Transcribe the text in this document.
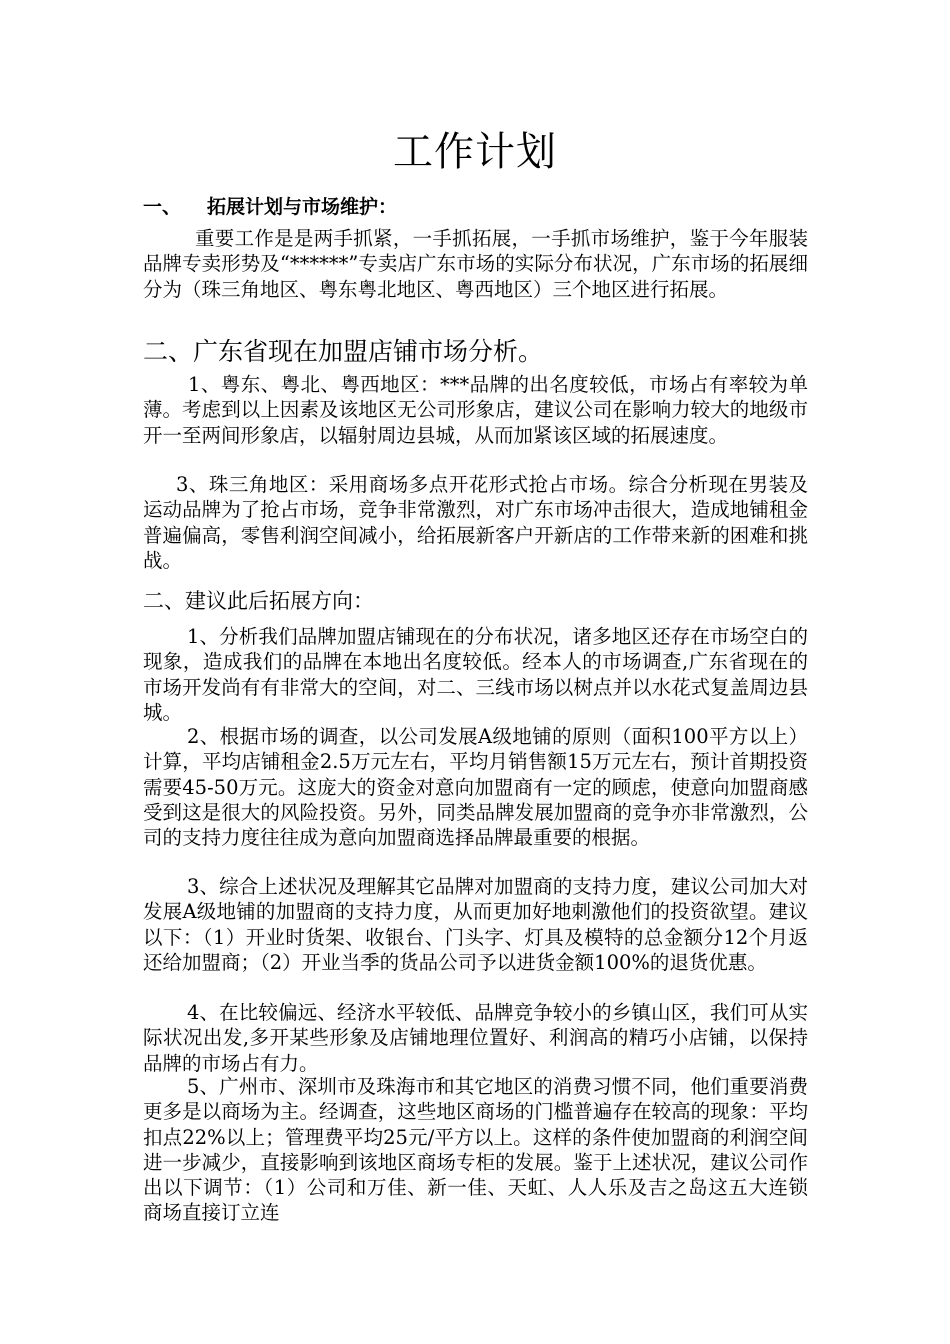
工作计划
一、 拓展计划与市场维护：

重要工作是是两手抓紧，一手抓拓展，一手抓市场维护，鉴于今年服装品牌专卖形势及“******”专卖店广东市场的实际分布状况，广东市场的拓展细分为（珠三角地区、粤东粤北地区、粤西地区）三个地区进行拓展。

二、广东省现在加盟店铺市场分析。

1、粤东、粤北、粤西地区：***品牌的出名度较低，市场占有率较为单薄。考虑到以上因素及该地区无公司形象店，建议公司在影响力较大的地级市开一至两间形象店，以辐射周边县城，从而加紧该区域的拓展速度。

3、珠三角地区：采用商场多点开花形式抢占市场。综合分析现在男装及运动品牌为了抢占市场，竞争非常激烈，对广东市场冲击很大，造成地铺租金普遍偏高，零售利润空间减小，给拓展新客户开新店的工作带来新的困难和挑战。

二、建议此后拓展方向：

1、分析我们品牌加盟店铺现在的分布状况，诸多地区还存在市场空白的现象，造成我们的品牌在本地出名度较低。经本人的市场调查,广东省现在的市场开发尚有有非常大的空间，对二、三线市场以树点并以水花式复盖周边县城。

2、根据市场的调查，以公司发展A级地铺的原则（面积100平方以上）计算，平均店铺租金2.5万元左右，平均月销售额15万元左右，预计首期投资需要45-50万元。这庞大的资金对意向加盟商有一定的顾虑，使意向加盟商感受到这是很大的风险投资。另外，同类品牌发展加盟商的竞争亦非常激烈，公司的支持力度往往成为意向加盟商选择品牌最重要的根据。

3、综合上述状况及理解其它品牌对加盟商的支持力度，建议公司加大对发展A级地铺的加盟商的支持力度，从而更加好地刺激他们的投资欲望。建议以下：（1）开业时货架、收银台、门头字、灯具及模特的总金额分12个月返还给加盟商；（2）开业当季的货品公司予以进货金额100%的退货优惠。

4、在比较偏远、经济水平较低、品牌竞争较小的乡镇山区，我们可从实际状况出发,多开某些形象及店铺地理位置好、利润高的精巧小店铺，以保持品牌的市场占有力。

5、广州市、深圳市及珠海市和其它地区的消费习惯不同，他们重要消费更多是以商场为主。经调查，这些地区商场的门槛普遍存在较高的现象：平均扣点22%以上；管理费平均25元/平方以上。这样的条件使加盟商的利润空间进一步减少，直接影响到该地区商场专柜的发展。鉴于上述状况，建议公司作出以下调节：（1）公司和万佳、新一佳、天虹、人人乐及吉之岛这五大连锁商场直接订立连
